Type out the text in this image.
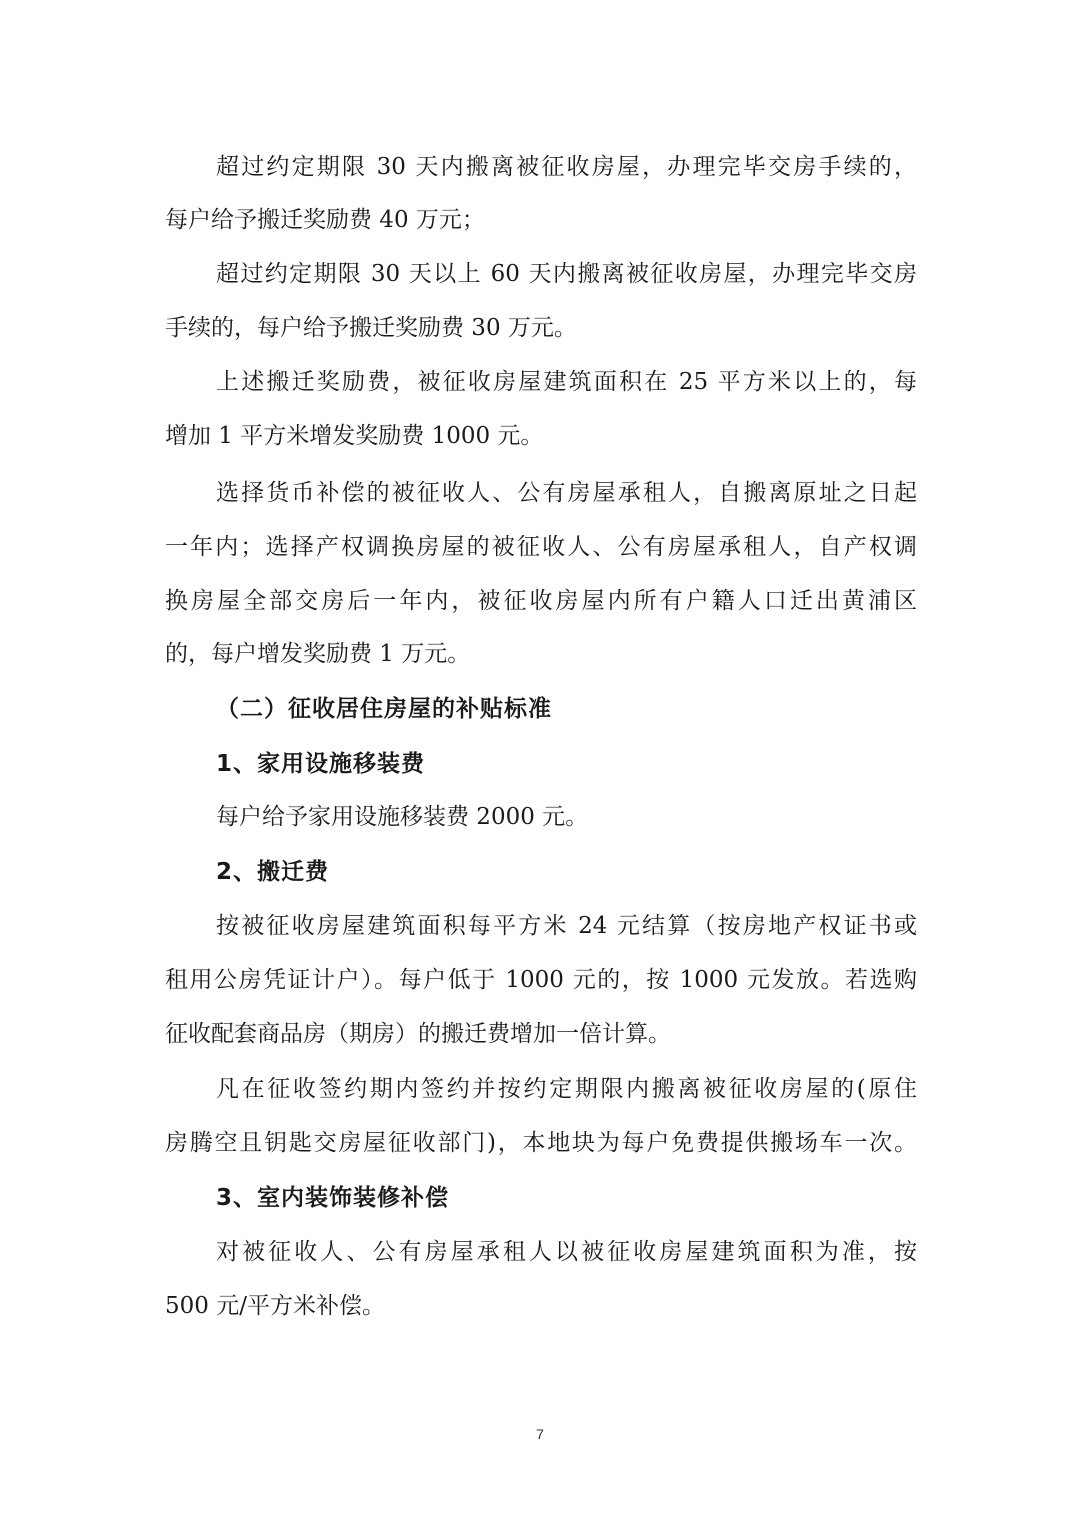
超过约定期限 30 天内搬离被征收房屋，办理完毕交房手续的，
每户给予搬迁奖励费 40 万元；
超过约定期限 30 天以上 60 天内搬离被征收房屋，办理完毕交房
手续的，每户给予搬迁奖励费 30 万元。
上述搬迁奖励费，被征收房屋建筑面积在 25 平方米以上的，每
增加 1 平方米增发奖励费 1000 元。
选择货币补偿的被征收人、公有房屋承租人，自搬离原址之日起
一年内；选择产权调换房屋的被征收人、公有房屋承租人，自产权调
换房屋全部交房后一年内，被征收房屋内所有户籍人口迁出黄浦区
的，每户增发奖励费 1 万元。
（二）征收居住房屋的补贴标准
1、家用设施移装费
每户给予家用设施移装费 2000 元。
2、搬迁费
按被征收房屋建筑面积每平方米 24 元结算（按房地产权证书或
租用公房凭证计户）。每户低于 1000 元的，按 1000 元发放。若选购
征收配套商品房（期房）的搬迁费增加一倍计算。
凡在征收签约期内签约并按约定期限内搬离被征收房屋的(原住
房腾空且钥匙交房屋征收部门)，本地块为每户免费提供搬场车一次。
3、室内装饰装修补偿
对被征收人、公有房屋承租人以被征收房屋建筑面积为准，按
500 元/平方米补偿。
7
